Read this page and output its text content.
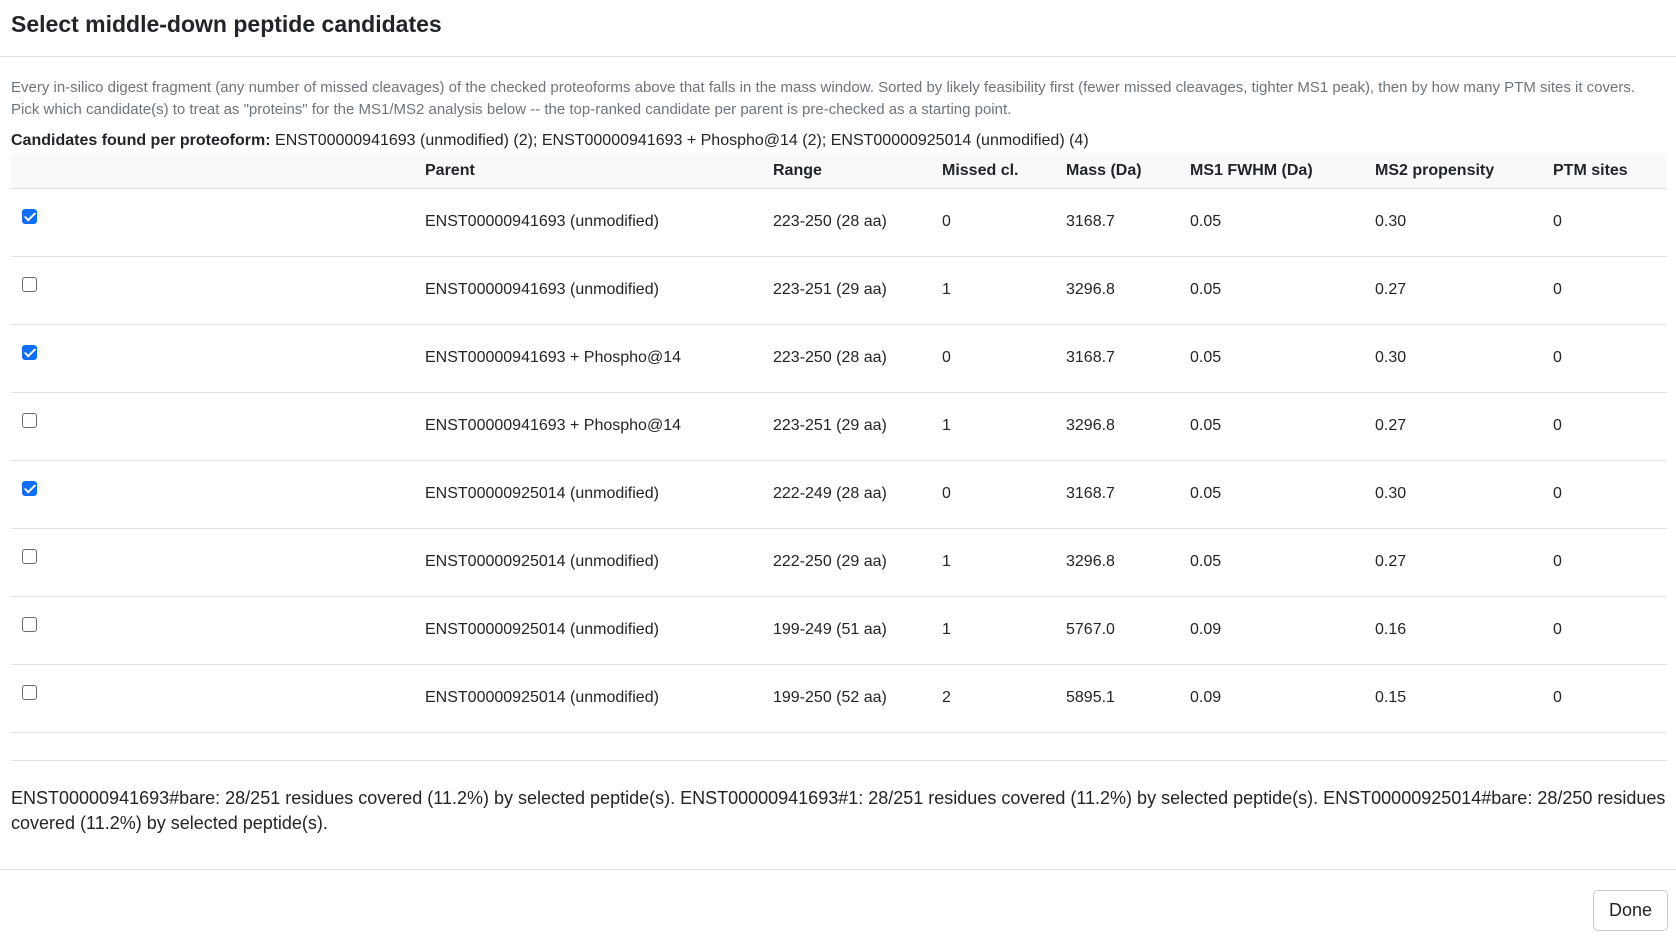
Select middle-down peptide candidates

Every in-silico digest fragment (any number of missed cleavages) of the checked proteoforms above that falls in the mass window. Sorted by likely feasibility first (fewer missed cleavages, tighter MS1 peak), then by how many PTM sites it covers. Pick which candidate(s) to treat as "proteins" for the MS1/MS2 analysis below -- the top-ranked candidate per parent is pre-checked as a starting point.

Candidates found per proteoform: ENST00000941693 (unmodified) (2); ENST00000941693 + Phospho@14 (2); ENST00000925014 (unmodified) (4)

	Parent	Range	Missed cl.	Mass (Da)	MS1 FWHM (Da)	MS2 propensity	PTM sites
	ENST00000941693 (unmodified)	223-250 (28 aa)	0	3168.7	0.05	0.30	0
	ENST00000941693 (unmodified)	223-251 (29 aa)	1	3296.8	0.05	0.27	0
	ENST00000941693 + Phospho@14	223-250 (28 aa)	0	3168.7	0.05	0.30	0
	ENST00000941693 + Phospho@14	223-251 (29 aa)	1	3296.8	0.05	0.27	0
	ENST00000925014 (unmodified)	222-249 (28 aa)	0	3168.7	0.05	0.30	0
	ENST00000925014 (unmodified)	222-250 (29 aa)	1	3296.8	0.05	0.27	0
	ENST00000925014 (unmodified)	199-249 (51 aa)	1	5767.0	0.09	0.16	0
	ENST00000925014 (unmodified)	199-250 (52 aa)	2	5895.1	0.09	0.15	0
ENST00000941693#bare: 28/251 residues covered (11.2%) by selected peptide(s). ENST00000941693#1: 28/251 residues covered (11.2%) by selected peptide(s). ENST00000925014#bare: 28/250 residues covered (11.2%) by selected peptide(s).
Done
